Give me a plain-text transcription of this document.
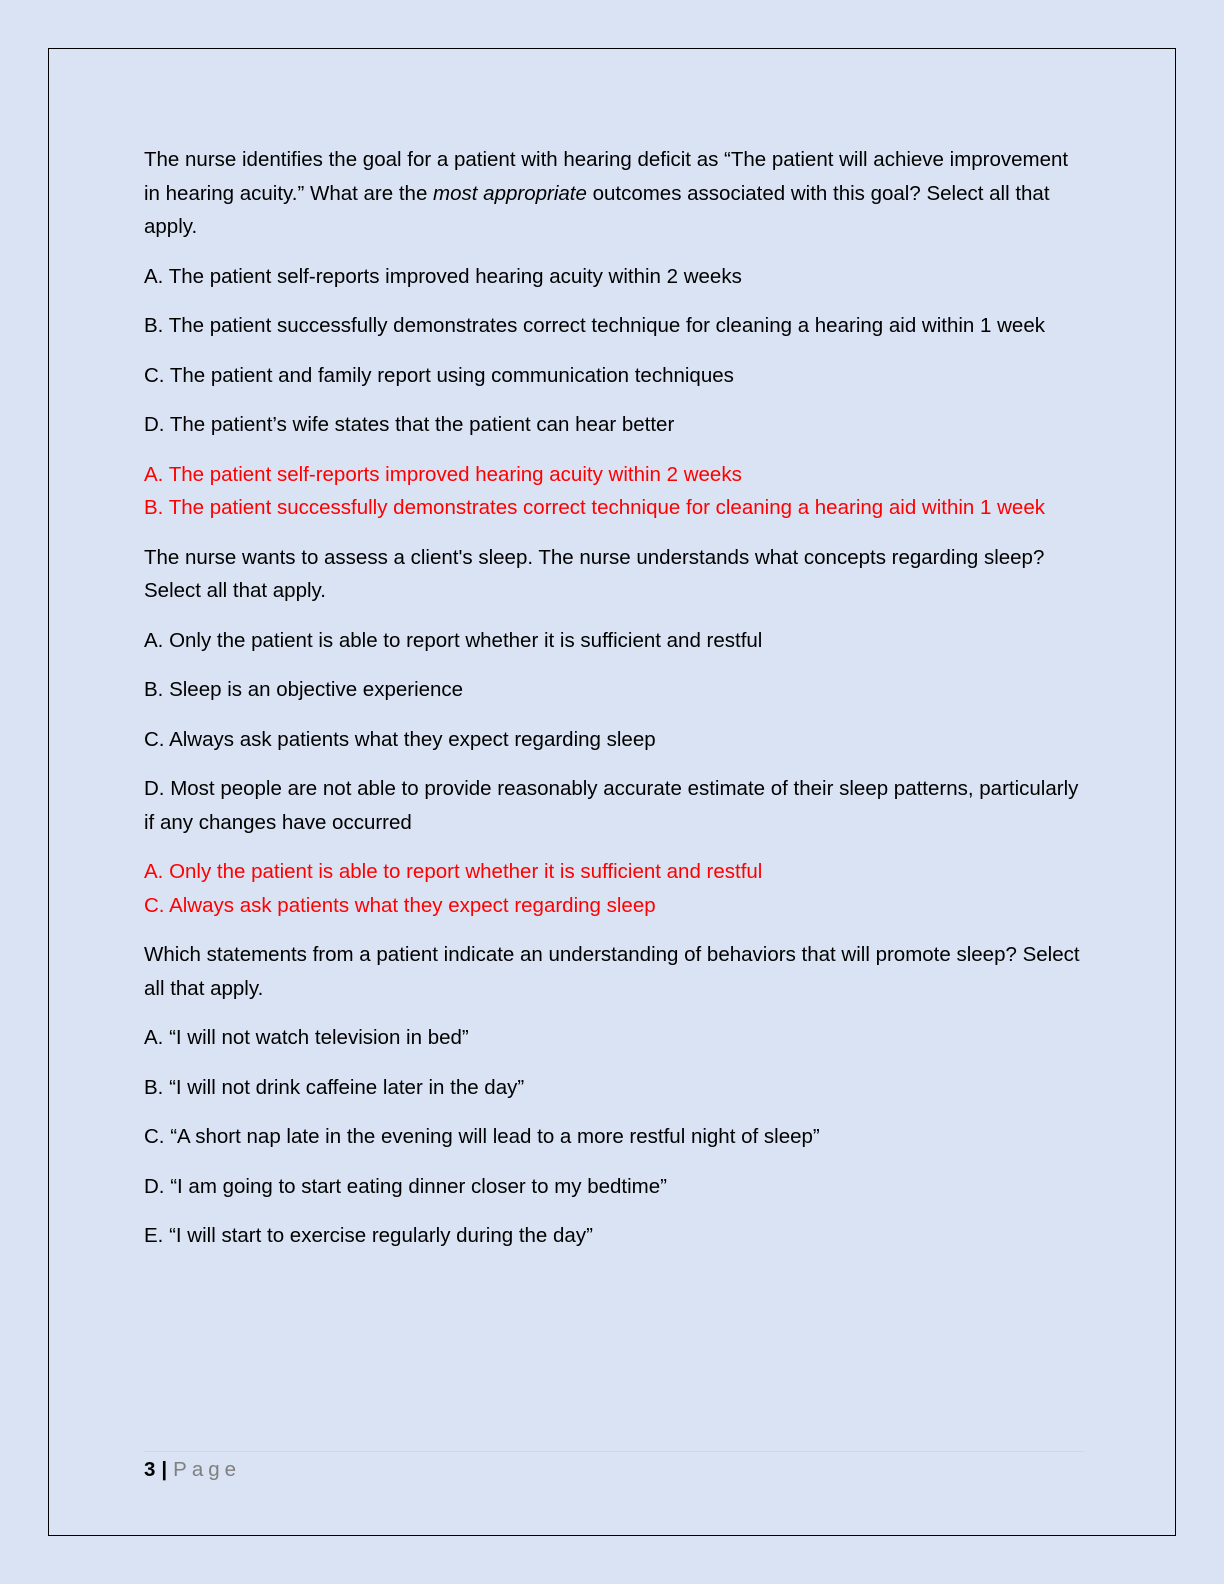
The nurse identifies the goal for a patient with hearing deficit as “The patient will achieve improvement in hearing acuity.” What are the most appropriate outcomes associated with this goal? Select all that apply.

A. The patient self-reports improved hearing acuity within 2 weeks

B. The patient successfully demonstrates correct technique for cleaning a hearing aid within 1 week

C. The patient and family report using communication techniques

D. The patient’s wife states that the patient can hear better

A. The patient self-reports improved hearing acuity within 2 weeks

B. The patient successfully demonstrates correct technique for cleaning a hearing aid within 1 week

The nurse wants to assess a client's sleep. The nurse understands what concepts regarding sleep? Select all that apply.

A. Only the patient is able to report whether it is sufficient and restful

B. Sleep is an objective experience

C. Always ask patients what they expect regarding sleep

D. Most people are not able to provide reasonably accurate estimate of their sleep patterns, particularly if any changes have occurred

A. Only the patient is able to report whether it is sufficient and restful

C. Always ask patients what they expect regarding sleep

Which statements from a patient indicate an understanding of behaviors that will promote sleep? Select all that apply.

A. “I will not watch television in bed”

B. “I will not drink caffeine later in the day”

C. “A short nap late in the evening will lead to a more restful night of sleep”

D. “I am going to start eating dinner closer to my bedtime”

E. “I will start to exercise regularly during the day”

3 | Page
